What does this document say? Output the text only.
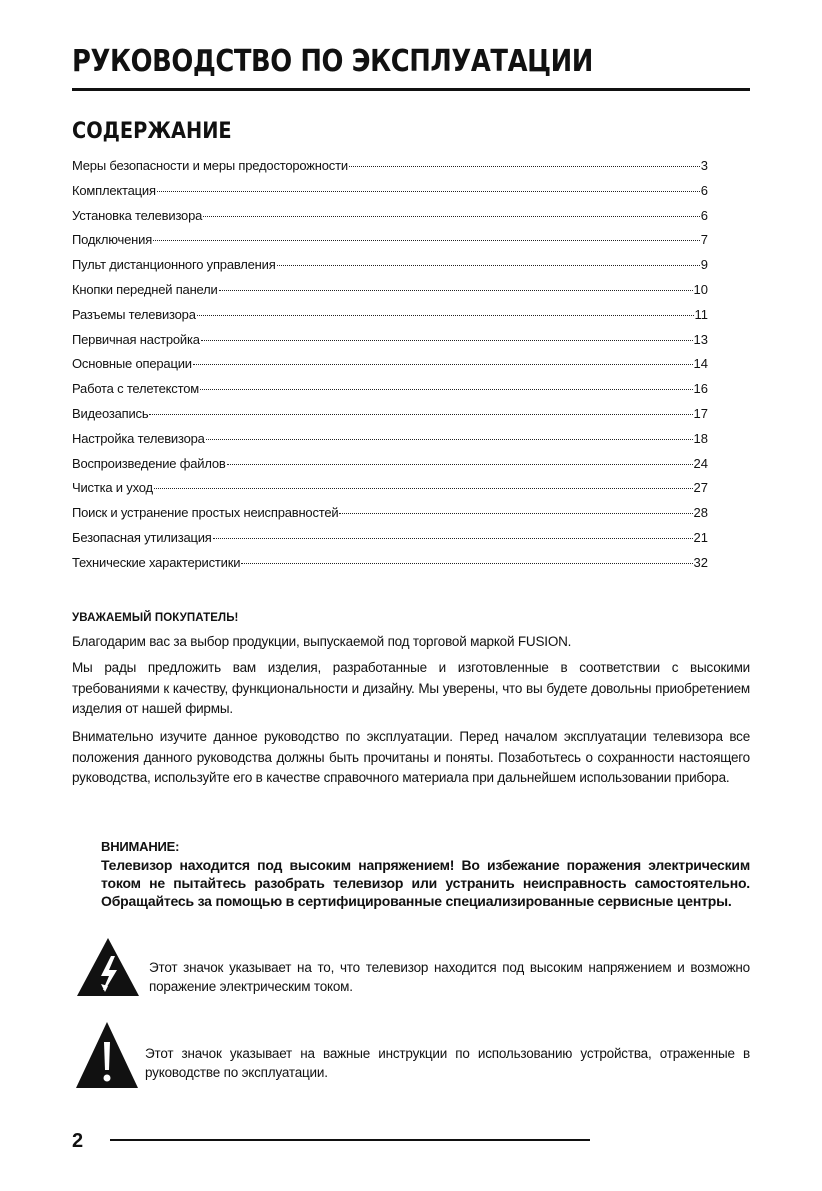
РУКОВОДСТВО ПО ЭКСПЛУАТАЦИИ
СОДЕРЖАНИЕ
Меры безопасности и меры предосторожности	3
Комплектация	6
Установка телевизора	6
Подключения	7
Пульт дистанционного управления	9
Кнопки передней панели	10
Разъемы телевизора	11
Первичная настройка	13
Основные операции	14
Работа с телетекстом	16
Видеозапись	17
Настройка телевизора	18
Воспроизведение файлов	24
Чистка и уход	27
Поиск и устранение простых неисправностей	28
Безопасная утилизация	21
Технические характеристики	32

УВАЖАЕМЫЙ ПОКУПАТЕЛЬ!

Благодарим вас за выбор продукции, выпускаемой под торговой маркой FUSION.

Мы рады предложить вам изделия, разработанные и изготовленные в соответствии с высокими требованиями к качеству, функциональности и дизайну. Мы уверены, что вы будете довольны приобретением изделия от нашей фирмы.

Внимательно изучите данное руководство по эксплуатации. Перед началом эксплуатации телевизора все положения данного руководства должны быть прочитаны и поняты. Позаботьтесь о сохранности настоящего руководства, используйте его в качестве справочного материала при дальнейшем использовании прибора.

ВНИМАНИЕ:
Телевизор находится под высоким напряжением! Во избежание поражения электрическим током не пытайтесь разобрать телевизор или устранить неисправность самостоятельно. Обращайтесь за помощью в сертифицированные специализированные сервисные центры.
Этот значок указывает на то, что телевизор находится под высоким напряжением и возможно поражение электрическим током.
Этот значок указывает на важные инструкции по использованию устройства, отраженные в руководстве по эксплуатации.
2
